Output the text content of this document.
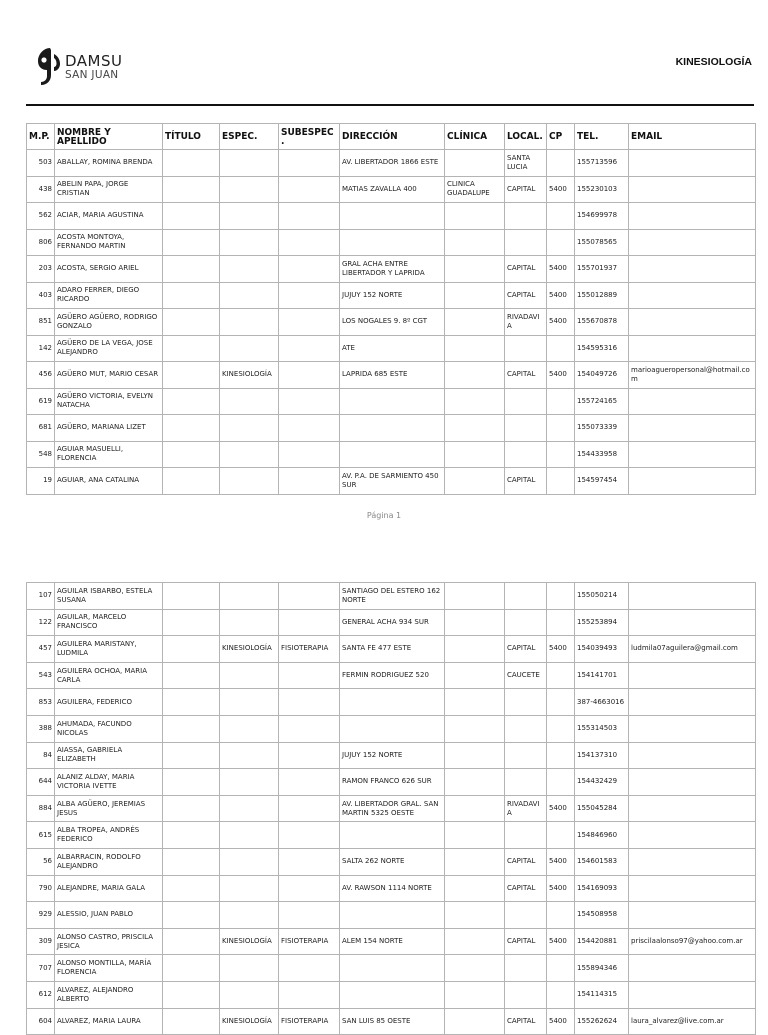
DAMSU
SAN JUAN
KINESIOLOGÍA
M.P.	NOMBRE Y APELLIDO	TÍTULO	ESPEC.	SUBESPEC.	DIRECCIÓN	CLÍNICA	LOCAL.	CP	TEL.	EMAIL
503	ABALLAY, ROMINA BRENDA				AV. LIBERTADOR 1866 ESTE		SANTA LUCIA		155713596	
438	ABELIN PAPA, JORGE CRISTIAN				MATIAS ZAVALLA 400	CLINICA GUADALUPE	CAPITAL	5400	155230103	
562	ACIAR, MARIA AGUSTINA								154699978	
806	ACOSTA MONTOYA, FERNANDO MARTIN								155078565	
203	ACOSTA, SERGIO ARIEL				GRAL ACHA ENTRE LIBERTADOR Y LAPRIDA		CAPITAL	5400	155701937	
403	ADARO FERRER, DIEGO RICARDO				JUJUY 152 NORTE		CAPITAL	5400	155012889	
851	AGÜERO AGÜERO, RODRIGO GONZALO				LOS NOGALES 9. 8º CGT		RIVADAVIA	5400	155670878	
142	AGÜERO DE LA VEGA, JOSE ALEJANDRO				ATE				154595316	
456	AGÜERO MUT, MARIO CESAR		KINESIOLOGÍA		LAPRIDA 685 ESTE		CAPITAL	5400	154049726	marioagueropersonal@hotmail.com
619	AGÜERO VICTORIA, EVELYN NATACHA								155724165	
681	AGÜERO, MARIANA LIZET								155073339	
548	AGUIAR MASUELLI, FLORENCIA								154433958	
19	AGUIAR, ANA CATALINA				AV. P.A. DE SARMIENTO 450 SUR		CAPITAL		154597454	
Página 1
107	AGUILAR ISBARBO, ESTELA SUSANA				SANTIAGO DEL ESTERO 162 NORTE				155050214	
122	AGUILAR, MARCELO FRANCISCO				GENERAL ACHA 934 SUR				155253894	
457	AGUILERA MARISTANY, LUDMILA		KINESIOLOGÍA	FISIOTERAPIA	SANTA FE 477 ESTE		CAPITAL	5400	154039493	ludmila07aguilera@gmail.com
543	AGUILERA OCHOA, MARIA CARLA				FERMIN RODRIGUEZ 520		CAUCETE		154141701	
853	AGUILERA, FEDERICO								387-4663016	
388	AHUMADA, FACUNDO NICOLAS								155314503	
84	AIASSA, GABRIELA ELIZABETH				JUJUY 152 NORTE				154137310	
644	ALANIZ ALDAY, MARIA VICTORIA IVETTE				RAMON FRANCO 626 SUR				154432429	
884	ALBA AGÜERO, JEREMIAS JESUS				AV. LIBERTADOR GRAL. SAN MARTIN 5325 OESTE		RIVADAVIA	5400	155045284	
615	ALBA TROPEA, ANDRÉS FEDERICO								154846960	
56	ALBARRACIN, RODOLFO ALEJANDRO				SALTA 262 NORTE		CAPITAL	5400	154601583	
790	ALEJANDRE, MARIA GALA				AV. RAWSON 1114 NORTE		CAPITAL	5400	154169093	
929	ALESSIO, JUAN PABLO								154508958	
309	ALONSO CASTRO, PRISCILA JESICA		KINESIOLOGÍA	FISIOTERAPIA	ALEM 154 NORTE		CAPITAL	5400	154420881	priscilaalonso97@yahoo.com.ar
707	ALONSO MONTILLA, MARÍA FLORENCIA								155894346	
612	ALVAREZ, ALEJANDRO ALBERTO								154114315	
604	ALVAREZ, MARIA LAURA		KINESIOLOGÍA	FISIOTERAPIA	SAN LUIS 85 OESTE		CAPITAL	5400	155262624	laura_alvarez@live.com.ar
